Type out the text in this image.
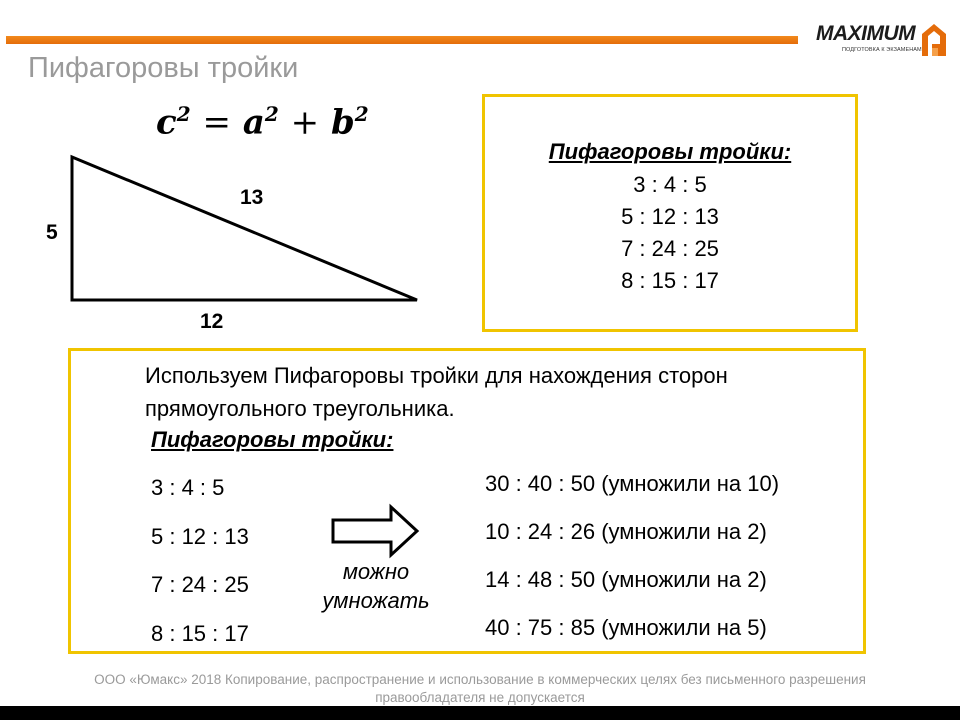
MAXIMUM
ПОДГОТОВКА К ЭКЗАМЕНАМ
Пифагоровы тройки
$c^2 = a^2 + b^2$
5
13
12
Пифагоровы тройки:
3 : 4 : 5
5 : 12 : 13
7 : 24 : 25
8 : 15 : 17
Используем Пифагоровы тройки для нахождения сторон прямоугольного треугольника.
Пифагоровы тройки:
3 : 4 : 5
5 : 12 : 13
7 : 24 : 25
8 : 15 : 17
можно
умножать
30 : 40 : 50 (умножили на 10)
10 : 24 : 26 (умножили на 2)
14 : 48 : 50 (умножили на 2)
40 : 75 : 85 (умножили на 5)
ООО «Юмакс» 2018 Копирование, распространение и использование в коммерческих целях без письменного разрешения
правообладателя не допускается
